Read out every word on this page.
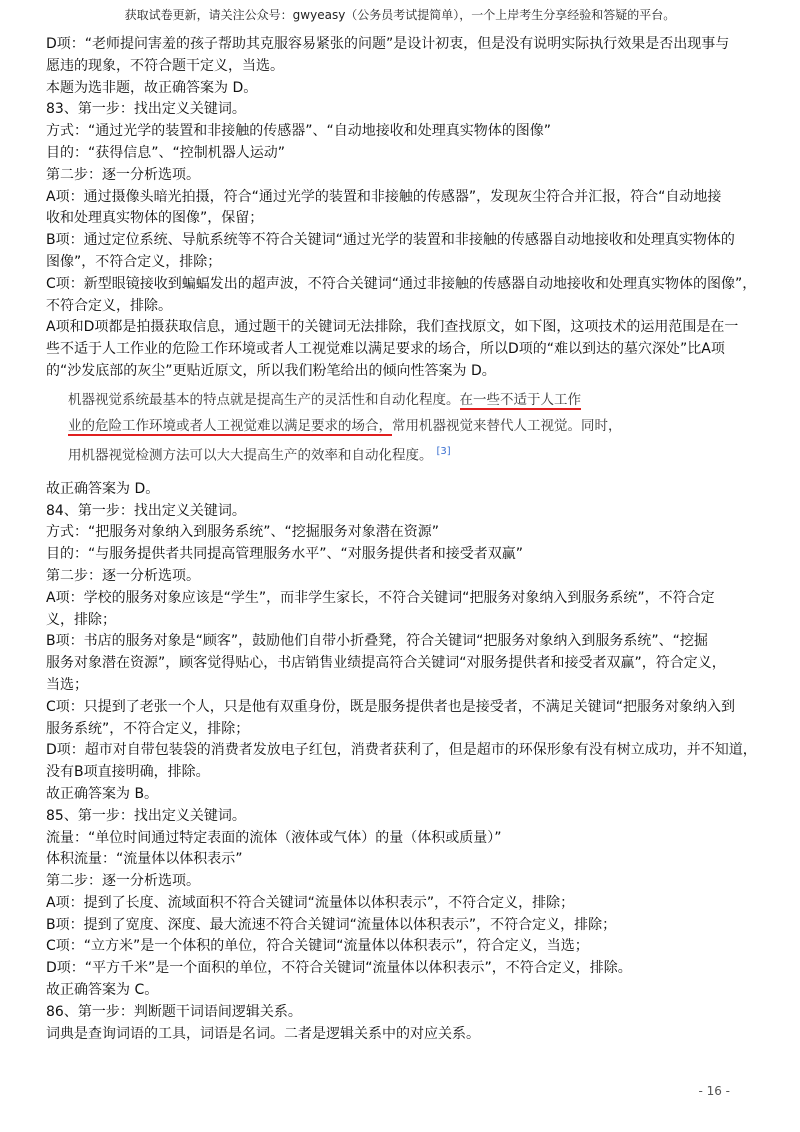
获取试卷更新，请关注公众号：gwyeasy（公务员考试提简单），一个上岸考生分享经验和答疑的平台。
D项：“老师提问害羞的孩子帮助其克服容易紧张的问题”是设计初衷，但是没有说明实际执行效果是否出现事与
愿违的现象，不符合题干定义，当选。
本题为选非题，故正确答案为 D。
83、第一步：找出定义关键词。
方式：“通过光学的装置和非接触的传感器”、“自动地接收和处理真实物体的图像”
目的：“获得信息”、“控制机器人运动”
第二步：逐一分析选项。
A项：通过摄像头暗光拍摄，符合“通过光学的装置和非接触的传感器”，发现灰尘符合并汇报，符合“自动地接
收和处理真实物体的图像”，保留；
B项：通过定位系统、导航系统等不符合关键词“通过光学的装置和非接触的传感器自动地接收和处理真实物体的
图像”，不符合定义，排除；
C项：新型眼镜接收到蝙蝠发出的超声波，不符合关键词“通过非接触的传感器自动地接收和处理真实物体的图像”，
不符合定义，排除。
A项和D项都是拍摄获取信息，通过题干的关键词无法排除，我们查找原文，如下图，这项技术的运用范围是在一
些不适于人工作业的危险工作环境或者人工视觉难以满足要求的场合，所以D项的“难以到达的墓穴深处”比A项
的“沙发底部的灰尘”更贴近原文，所以我们粉笔给出的倾向性答案为 D。
机器视觉系统最基本的特点就是提高生产的灵活性和自动化程度。在一些不适于人工作
业的危险工作环境或者人工视觉难以满足要求的场合，常用机器视觉来替代人工视觉。同时，
用机器视觉检测方法可以大大提高生产的效率和自动化程度。 [3]
故正确答案为 D。
84、第一步：找出定义关键词。
方式：“把服务对象纳入到服务系统”、“挖掘服务对象潜在资源”
目的：“与服务提供者共同提高管理服务水平”、“对服务提供者和接受者双赢”
第二步：逐一分析选项。
A项：学校的服务对象应该是“学生”，而非学生家长，不符合关键词“把服务对象纳入到服务系统”，不符合定
义，排除；
B项：书店的服务对象是“顾客”，鼓励他们自带小折叠凳，符合关键词“把服务对象纳入到服务系统”、“挖掘
服务对象潜在资源”，顾客觉得贴心，书店销售业绩提高符合关键词“对服务提供者和接受者双赢”，符合定义，
当选；
C项：只提到了老张一个人，只是他有双重身份，既是服务提供者也是接受者，不满足关键词“把服务对象纳入到
服务系统”，不符合定义，排除；
D项：超市对自带包装袋的消费者发放电子红包，消费者获利了，但是超市的环保形象有没有树立成功，并不知道，
没有B项直接明确，排除。
故正确答案为 B。
85、第一步：找出定义关键词。
流量：“单位时间通过特定表面的流体（液体或气体）的量（体积或质量）”
体积流量：“流量体以体积表示”
第二步：逐一分析选项。
A项：提到了长度、流域面积不符合关键词“流量体以体积表示”，不符合定义，排除；
B项：提到了宽度、深度、最大流速不符合关键词“流量体以体积表示”，不符合定义，排除；
C项：“立方米”是一个体积的单位，符合关键词“流量体以体积表示”，符合定义，当选；
D项：“平方千米”是一个面积的单位，不符合关键词“流量体以体积表示”，不符合定义，排除。
故正确答案为 C。
86、第一步：判断题干词语间逻辑关系。
词典是查询词语的工具，词语是名词。二者是逻辑关系中的对应关系。
- 16 -
